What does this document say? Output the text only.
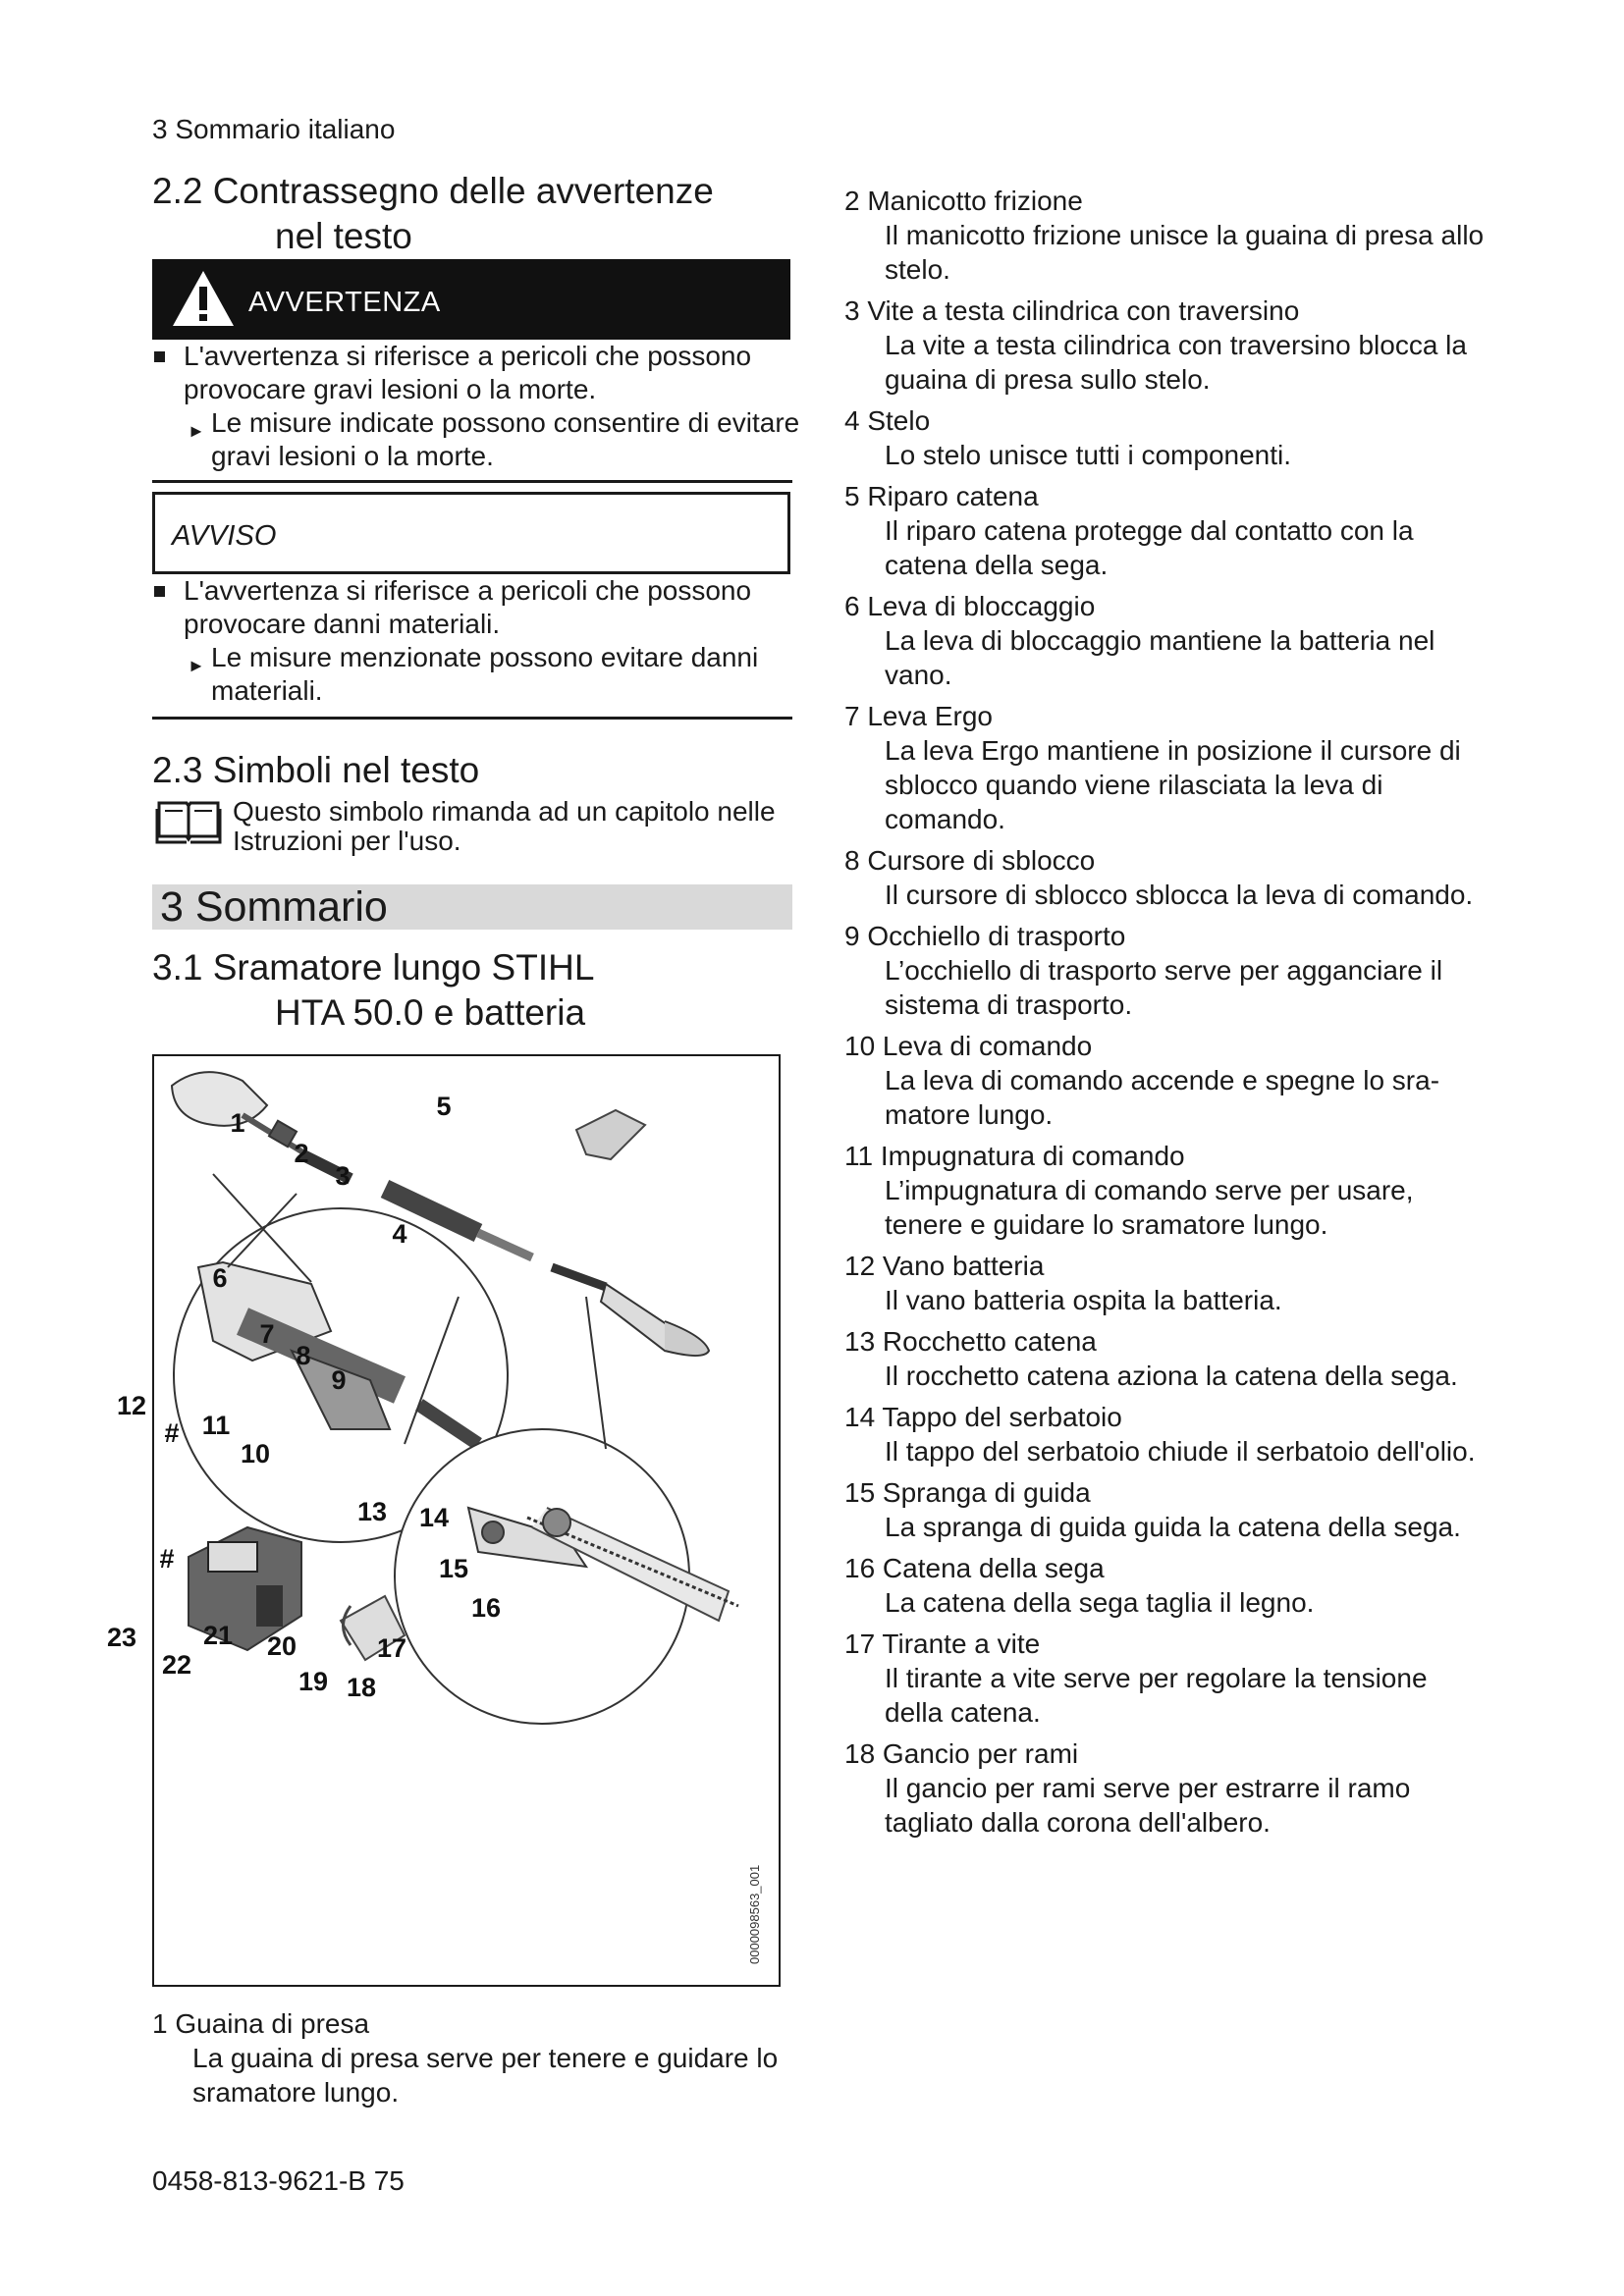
3 Sommario italiano
2.2 Contrassegno delle avvertenze
nel testo
AVVERTENZA
L'avvertenza si riferisce a pericoli che possono provocare gravi lesioni o la morte.
► Le misure indicate possono consentire di evitare gravi lesioni o la morte.
AVVISO
L'avvertenza si riferisce a pericoli che possono provocare danni materiali.
► Le misure menzionate possono evitare danni materiali.
2.3 Simboli nel testo
Questo simbolo rimanda ad un capitolo nelle Istruzioni per l'uso.
3 Sommario
3.1 Sramatore lungo STIHL
HTA 50.0 e batteria
1
2
3
4
5
6
7
8
9
10
11
12
#
13 14
15
16
17
18
19
20
21
22
23
#
0000098563_001
1 Guaina di presa
La guaina di presa serve per tenere e guidare lo sramatore lungo.
2 Manicotto frizione
Il manicotto frizione unisce la guaina di presa allo stelo.
3 Vite a testa cilindrica con traversino
La vite a testa cilindrica con traversino blocca la guaina di presa sullo stelo.
4 Stelo
Lo stelo unisce tutti i componenti.
5 Riparo catena
Il riparo catena protegge dal contatto con la catena della sega.
6 Leva di bloccaggio
La leva di bloccaggio mantiene la batteria nel vano.
7 Leva Ergo
La leva Ergo mantiene in posizione il cursore di sblocco quando viene rilasciata la leva di comando.
8 Cursore di sblocco
Il cursore di sblocco sblocca la leva di comando.
9 Occhiello di trasporto
L’occhiello di trasporto serve per agganciare il sistema di trasporto.
10 Leva di comando
La leva di comando accende e spegne lo sramatore lungo.
11 Impugnatura di comando
L’impugnatura di comando serve per usare, tenere e guidare lo sramatore lungo.
12 Vano batteria
Il vano batteria ospita la batteria.
13 Rocchetto catena
Il rocchetto catena aziona la catena della sega.
14 Tappo del serbatoio
Il tappo del serbatoio chiude il serbatoio dell'olio.
15 Spranga di guida
La spranga di guida guida la catena della sega.
16 Catena della sega
La catena della sega taglia il legno.
17 Tirante a vite
Il tirante a vite serve per regolare la tensione della catena.
18 Gancio per rami
Il gancio per rami serve per estrarre il ramo tagliato dalla corona dell'albero.
0458-813-9621-B 75
